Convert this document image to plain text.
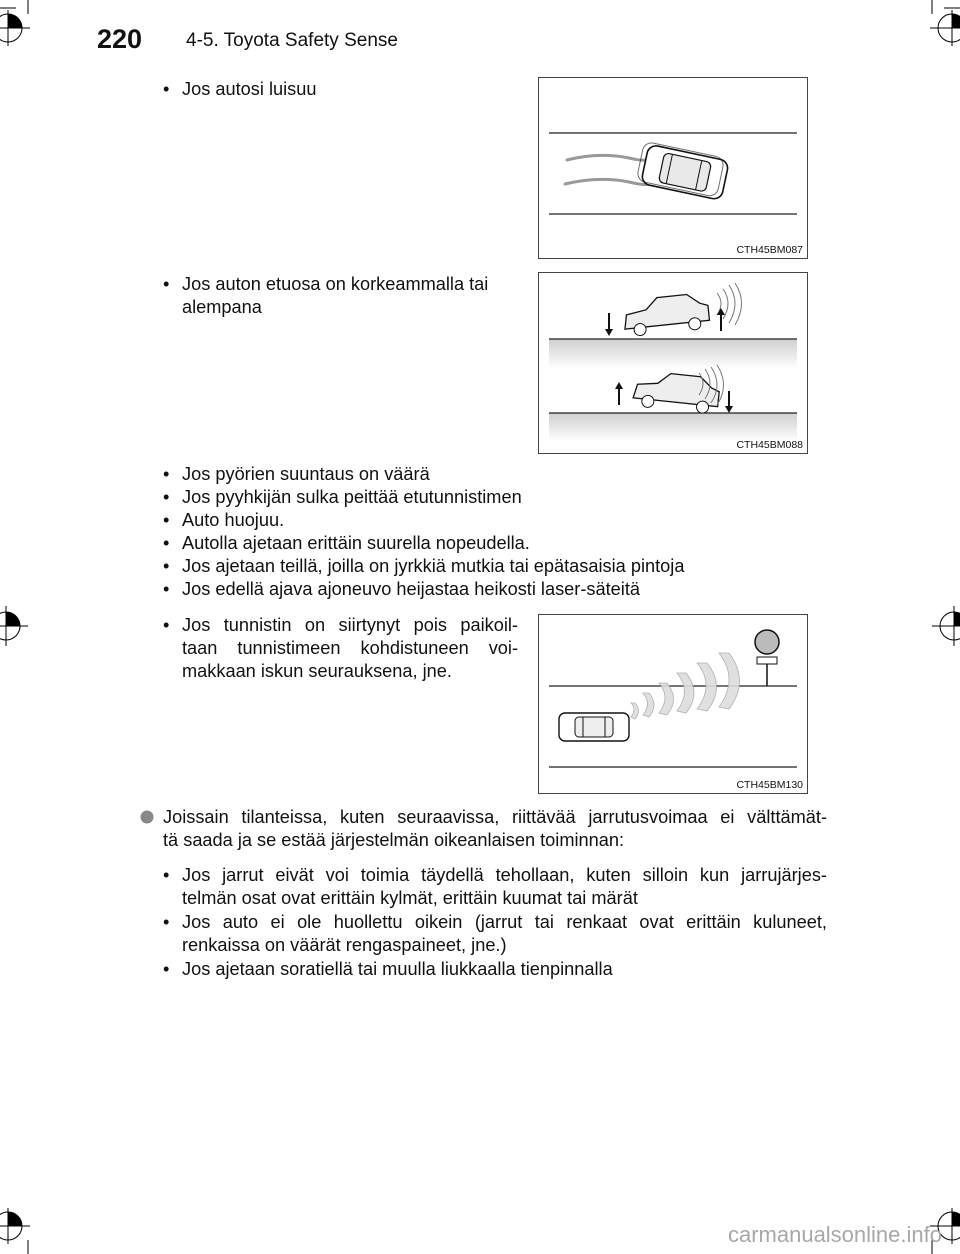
220 4-5. Toyota Safety Sense
• Jos autosi luisuu
CTH45BM087
• Jos auton etuosa on korkeammalla tai
alempana
CTH45BM088
• Jos pyörien suuntaus on väärä
• Jos pyyhkijän sulka peittää etutunnistimen
• Auto huojuu.
• Autolla ajetaan erittäin suurella nopeudella.
• Jos ajetaan teillä, joilla on jyrkkiä mutkia tai epätasaisia pintoja
• Jos edellä ajava ajoneuvo heijastaa heikosti laser-säteitä
• Jos tunnistin on siirtynyt pois paikoil-
taan tunnistimeen kohdistuneen voi-
makkaan iskun seurauksena, jne.
CTH45BM130
Joissain tilanteissa, kuten seuraavissa, riittävää jarrutusvoimaa ei välttämät-
tä saada ja se estää järjestelmän oikeanlaisen toiminnan:
• Jos jarrut eivät voi toimia täydellä tehollaan, kuten silloin kun jarrujärjes-
telmän osat ovat erittäin kylmät, erittäin kuumat tai märät
• Jos auto ei ole huollettu oikein (jarrut tai renkaat ovat erittäin kuluneet,
renkaissa on väärät rengaspaineet, jne.)
• Jos ajetaan soratiellä tai muulla liukkaalla tienpinnalla
carmanualsonline.info
